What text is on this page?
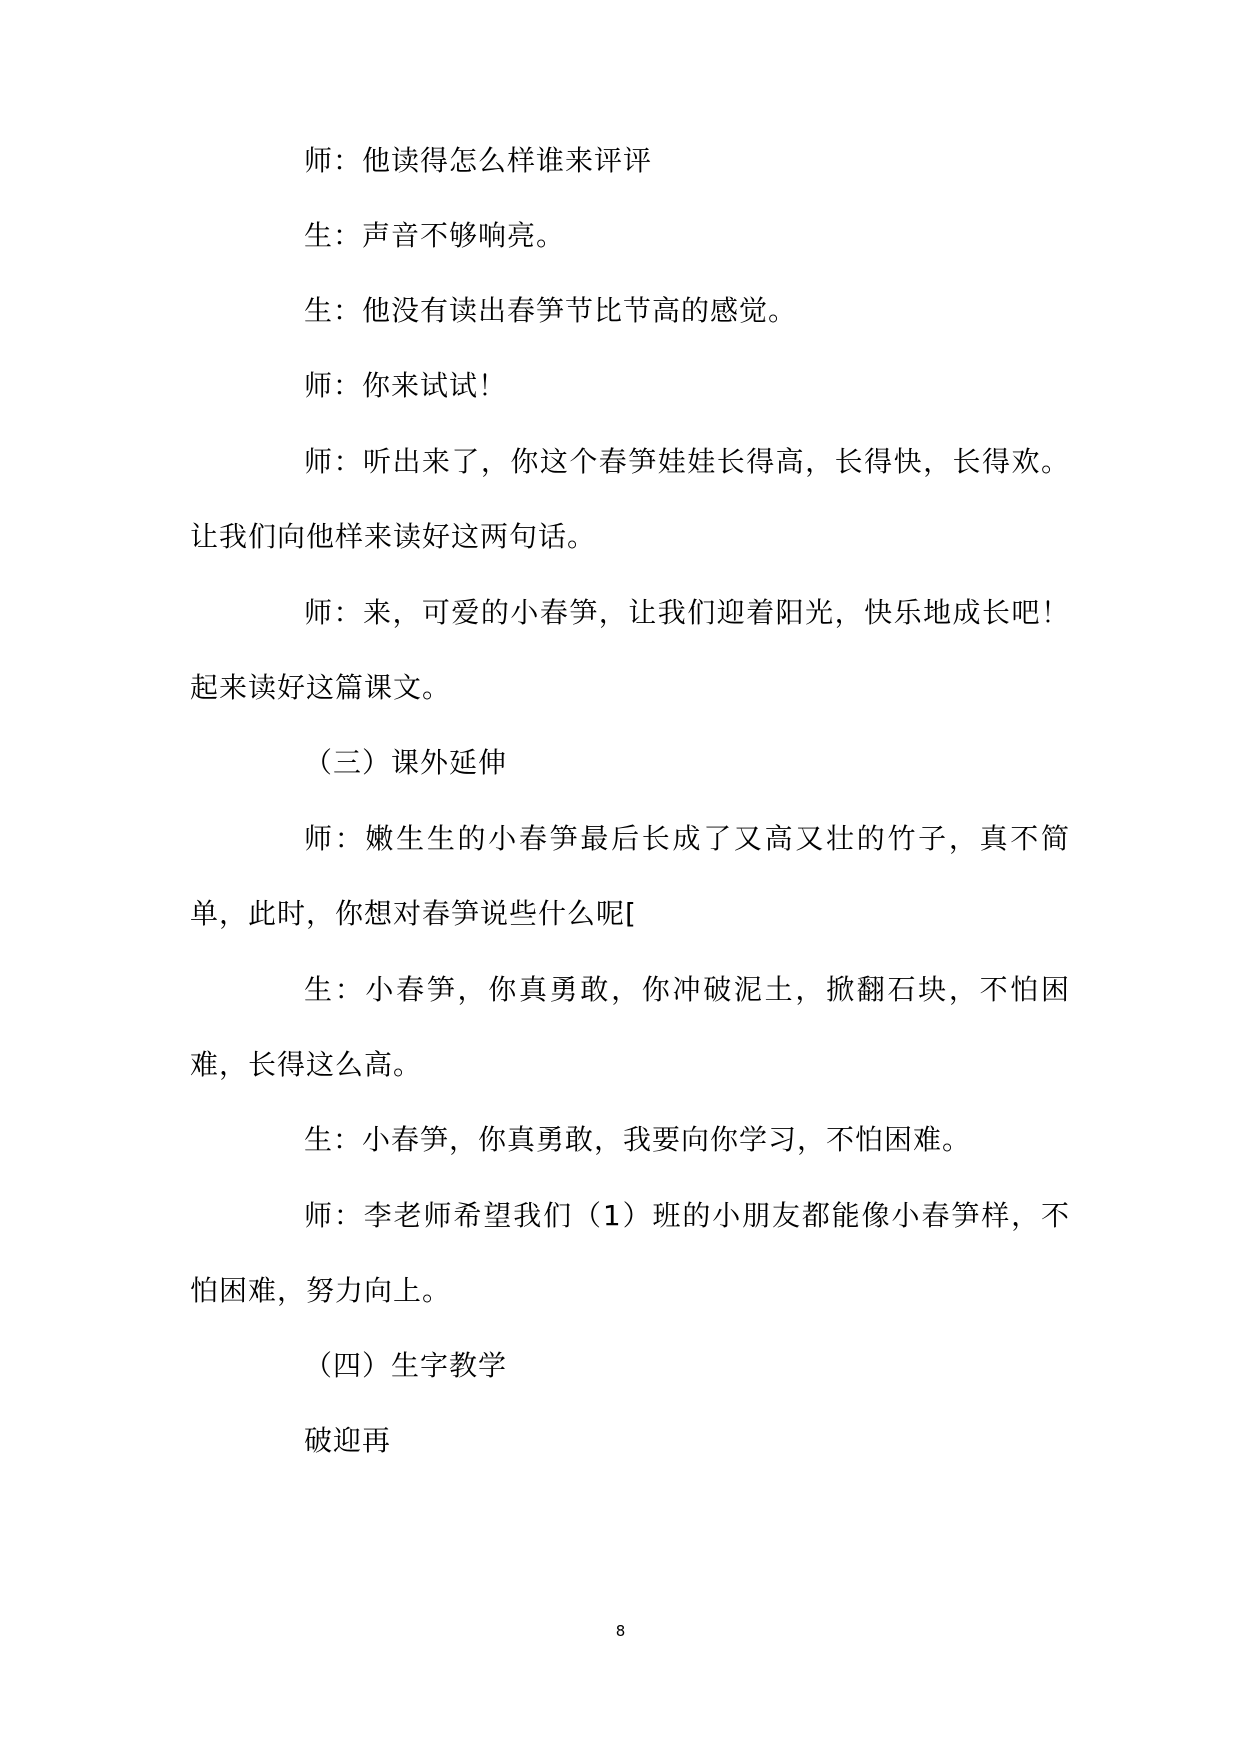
师：他读得怎么样谁来评评

生：声音不够响亮。

生：他没有读出春笋节比节高的感觉。

师：你来试试！

师：听出来了，你这个春笋娃娃长得高，长得快，长得欢。让我们向他样来读好这两句话。

师：来，可爱的小春笋，让我们迎着阳光，快乐地成长吧！起来读好这篇课文。

（三）课外延伸

师：嫩生生的小春笋最后长成了又高又壮的竹子，真不简单，此时，你想对春笋说些什么呢[

生：小春笋，你真勇敢，你冲破泥土，掀翻石块，不怕困难，长得这么高。

生：小春笋，你真勇敢，我要向你学习，不怕困难。

师：李老师希望我们（1）班的小朋友都能像小春笋样，不怕困难，努力向上。

（四）生字教学

破迎再

8
